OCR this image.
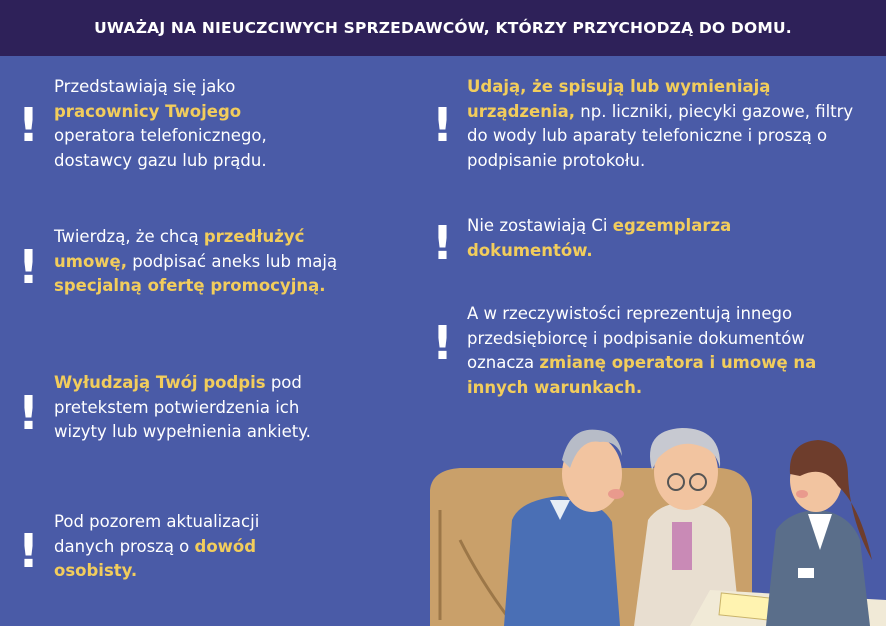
UWAŻAJ NA NIEUCZCIWYCH SPRZEDAWCÓW, KTÓRZY PRZYCHODZĄ DO DOMU.
!
Przedstawiają się jako pracownicy Twojego operatora telefonicznego, dostawcy gazu lub prądu.
!
Twierdzą, że chcą przedłużyć umowę, podpisać aneks lub mają specjalną ofertę promocyjną.
!
Wyłudzają Twój podpis pod pretekstem potwierdzenia ich wizyty lub wypełnienia ankiety.
!
Pod pozorem aktualizacji danych proszą o dowód osobisty.
!
Udają, że spisują lub wymieniają urządzenia, np. liczniki, piecyki gazowe, filtry do wody lub aparaty telefoniczne i proszą o podpisanie protokołu.
! Nie zostawiają Ci egzemplarza dokumentów.
!
A w rzeczywistości reprezentują innego przedsiębiorcę i podpisanie dokumentów oznacza zmianę operatora i umowę na innych warunkach.
